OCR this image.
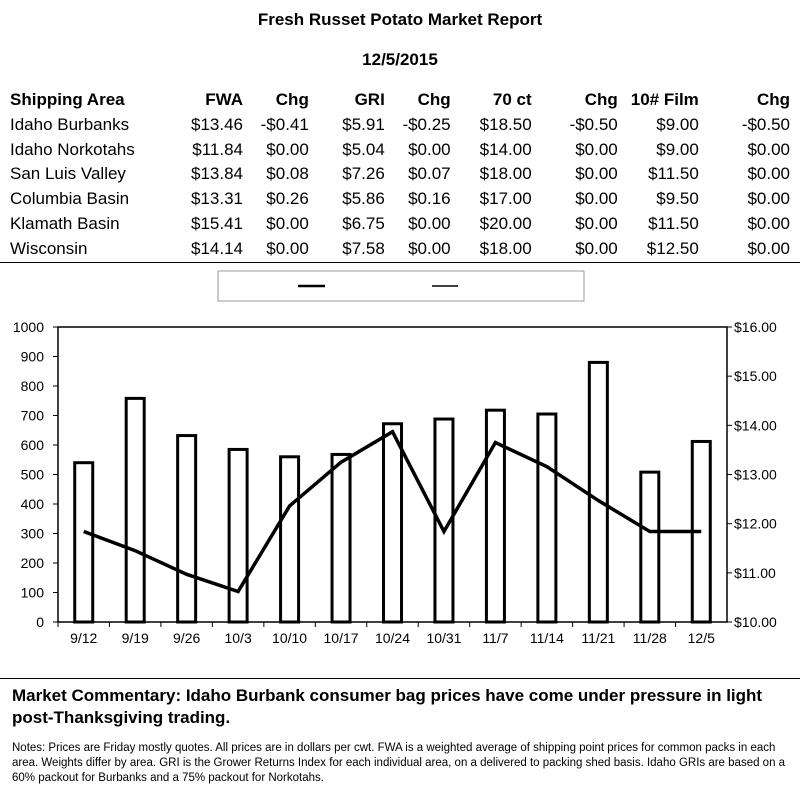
Fresh Russet Potato Market Report
12/5/2015
Shipping Area	FWA	Chg	GRI	Chg	70 ct	Chg	10# Film	Chg
Idaho Burbanks	$13.46	-$0.41	$5.91	-$0.25	$18.50	-$0.50	$9.00	-$0.50
Idaho Norkotahs	$11.84	$0.00	$5.04	$0.00	$14.00	$0.00	$9.00	$0.00
San Luis Valley	$13.84	$0.08	$7.26	$0.07	$18.00	$0.00	$11.50	$0.00
Columbia Basin	$13.31	$0.26	$5.86	$0.16	$17.00	$0.00	$9.50	$0.00
Klamath Basin	$15.41	$0.00	$6.75	$0.00	$20.00	$0.00	$11.50	$0.00
Wisconsin	$14.14	$0.00	$7.58	$0.00	$18.00	$0.00	$12.50	$0.00
0
100
200
300
400
500
600
700
800
900
1000
$10.00
$11.00
$12.00
$13.00
$14.00
$15.00
$16.00
9/12 9/19 9/26 10/3 10/10 10/17 10/24 10/31 11/7 11/14 11/21 11/28 12/5
Market Commentary: Idaho Burbank consumer bag prices have come under pressure in light post-Thanksgiving trading.
Notes: Prices are Friday mostly quotes. All prices are in dollars per cwt. FWA is a weighted average of shipping point prices for common packs in each area. Weights differ by area. GRI is the Grower Returns Index for each individual area, on a delivered to packing shed basis. Idaho GRIs are based on a 60% packout for Burbanks and a 75% packout for Norkotahs.
